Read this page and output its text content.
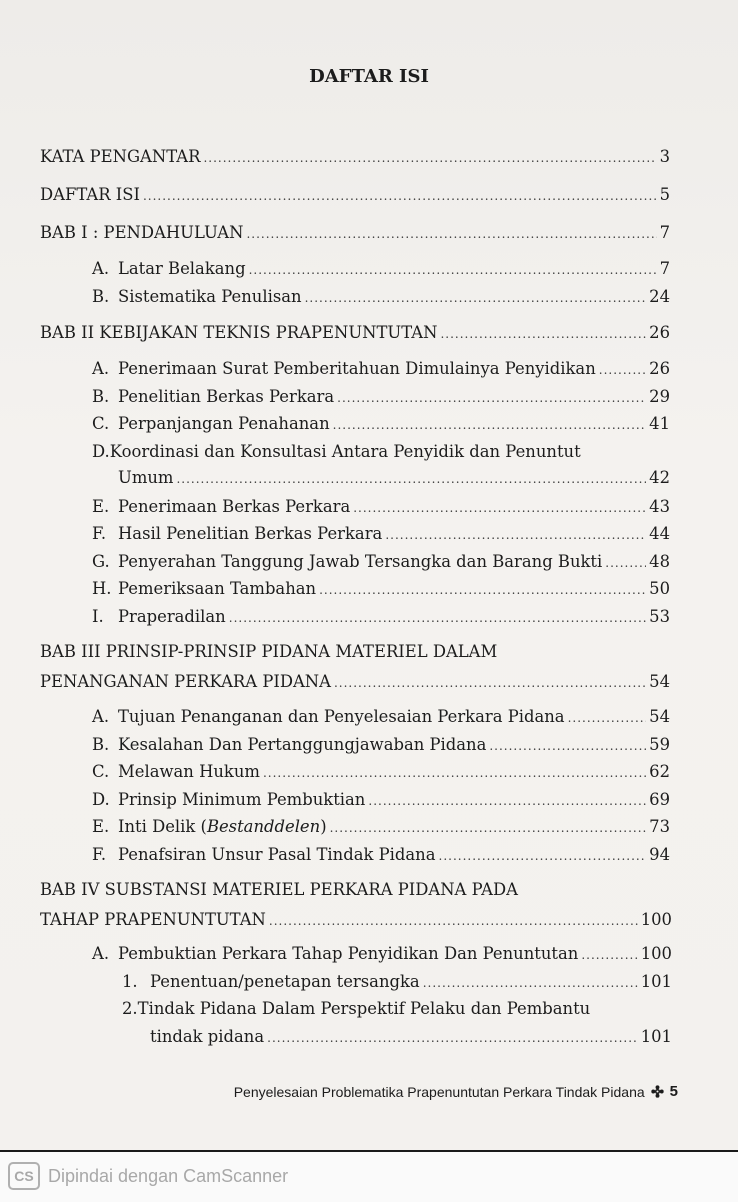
DAFTAR ISI
KATA PENGANTAR .....	3
DAFTAR ISI .....	5
BAB I : PENDAHULUAN .....	7
A. Latar Belakang .....	7
B. Sistematika Penulisan .....	24
BAB II KEBIJAKAN TEKNIS PRAPENUNTUTAN .....	26
A. Penerimaan Surat Pemberitahuan Dimulainya Penyidikan .....	26
B. Penelitian Berkas Perkara .....	29
C. Perpanjangan Penahanan .....	41
D.Koordinasi dan Konsultasi Antara Penyidik dan Penuntut
Umum .....	42
E. Penerimaan Berkas Perkara .....	43
F. Hasil Penelitian Berkas Perkara .....	44
G. Penyerahan Tanggung Jawab Tersangka dan Barang Bukti .....	48
H. Pemeriksaan Tambahan .....	50
I. Praperadilan .....	53
BAB III PRINSIP-PRINSIP PIDANA MATERIEL DALAM
PENANGANAN PERKARA PIDANA .....	54
A. Tujuan Penanganan dan Penyelesaian Perkara Pidana .....	54
B. Kesalahan Dan Pertanggungjawaban Pidana .....	59
C. Melawan Hukum .....	62
D. Prinsip Minimum Pembuktian .....	69
E. Inti Delik (Bestanddelen) .....	73
F. Penafsiran Unsur Pasal Tindak Pidana .....	94
BAB IV SUBSTANSI MATERIEL PERKARA PIDANA PADA
TAHAP PRAPENUNTUTAN .....	100
A. Pembuktian Perkara Tahap Penyidikan Dan Penuntutan .....	100
1. Penentuan/penetapan tersangka .....	101
2.Tindak Pidana Dalam Perspektif Pelaku dan Pembantu
tindak pidana .....	101
Penyelesaian Problematika Prapenuntutan Perkara Tindak Pidana 5
CS Dipindai dengan CamScanner
